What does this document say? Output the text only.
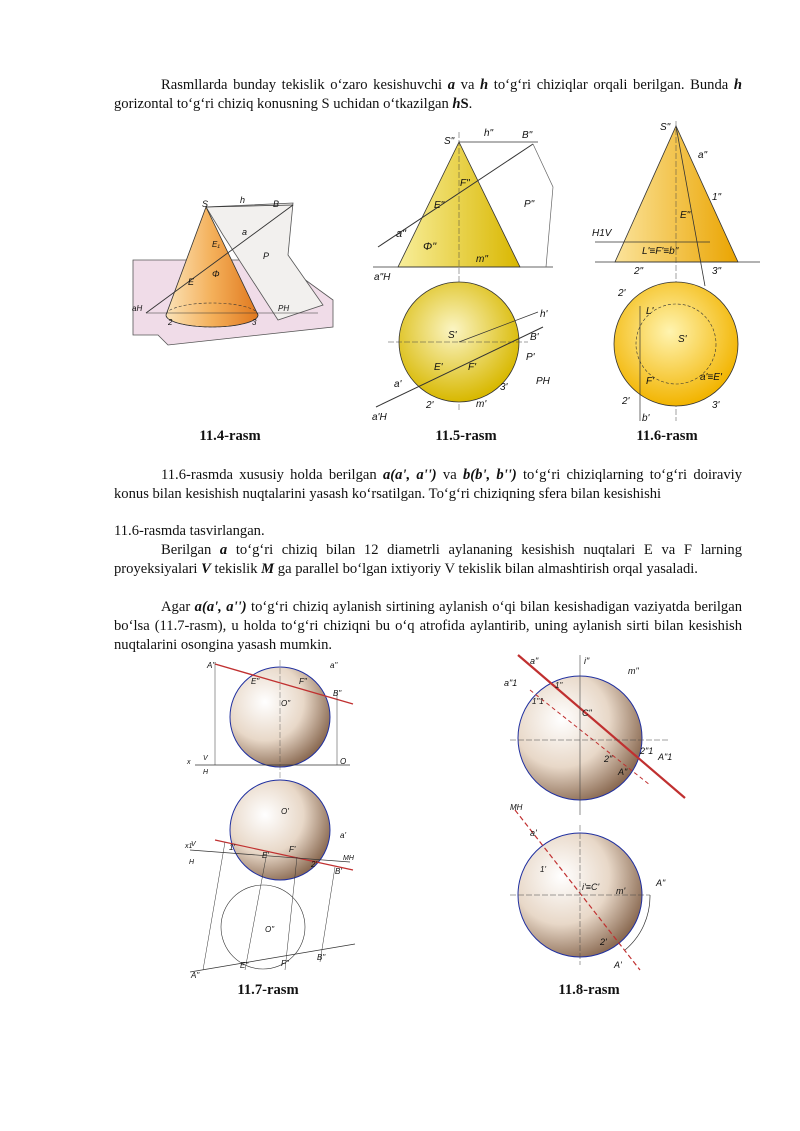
Rasmllarda bunday tekislik o‘zaro kesishuvchi a va h to‘g‘ri chiziqlar orqali berilgan. Bunda h gorizontal to‘g‘ri chiziq konusning S uchidan o‘tkazilgan hS.

S	h	B
E₁
a
P
Φ
E
aH
2	3
PH
S"
h"	B"
F"
E"	P"
a"
Φ"
m"
a"H
h'
S'	B'
P'
E'	F'
a'	3'
PH
m'
2'
a'H
S"
a"
E"
1"
H1V
L'≡F'≡b"
2"	3"
2'
L'
S'
F'	a'≡E'
2'
b'
3'
11.4-rasm	11.5-rasm	11.6-rasm

11.6-rasmda xususiy holda berilgan a(a', a'') va b(b', b'') to‘g‘ri chiziqlarning to‘g‘ri doiraviy konus bilan kesishish nuqtalarini yasash ko‘rsatilgan. To‘g‘ri chiziqning sfera bilan kesishishi

11.6-rasmda tasvirlangan.

Berilgan a to‘g‘ri chiziq bilan 12 diametrli aylananing kesishish nuqtalari E va F larning proyeksiyalari V tekislik M ga parallel bo‘lgan ixtiyoriy V tekislik bilan almashtirish orqal yasaladi.

Agar a(a', a'') to‘g‘ri chiziq aylanish sirtining aylanish o‘qi bilan kesishadigan vaziyatda berilgan bo‘lsa (11.7-rasm), u holda to‘g‘ri chiziqni bu o‘q atrofida aylantirib, uning aylanish sirti bilan kesishish nuqtalarini osongina yasash mumkin.

A"	a"
E"	F"
O"
B"
x
V
H
O
O'
a'
1'
E'
F'
2'
MH
B'
x1
V
H
O"
A"
E"	F"
B"
a"	i"
m"
a"1	1"
1"1
C"
2"
2"1
A"1
A"
MH
a'
1'
i'≡C' m'
A"
2'
A'
11.7-rasm	11.8-rasm
